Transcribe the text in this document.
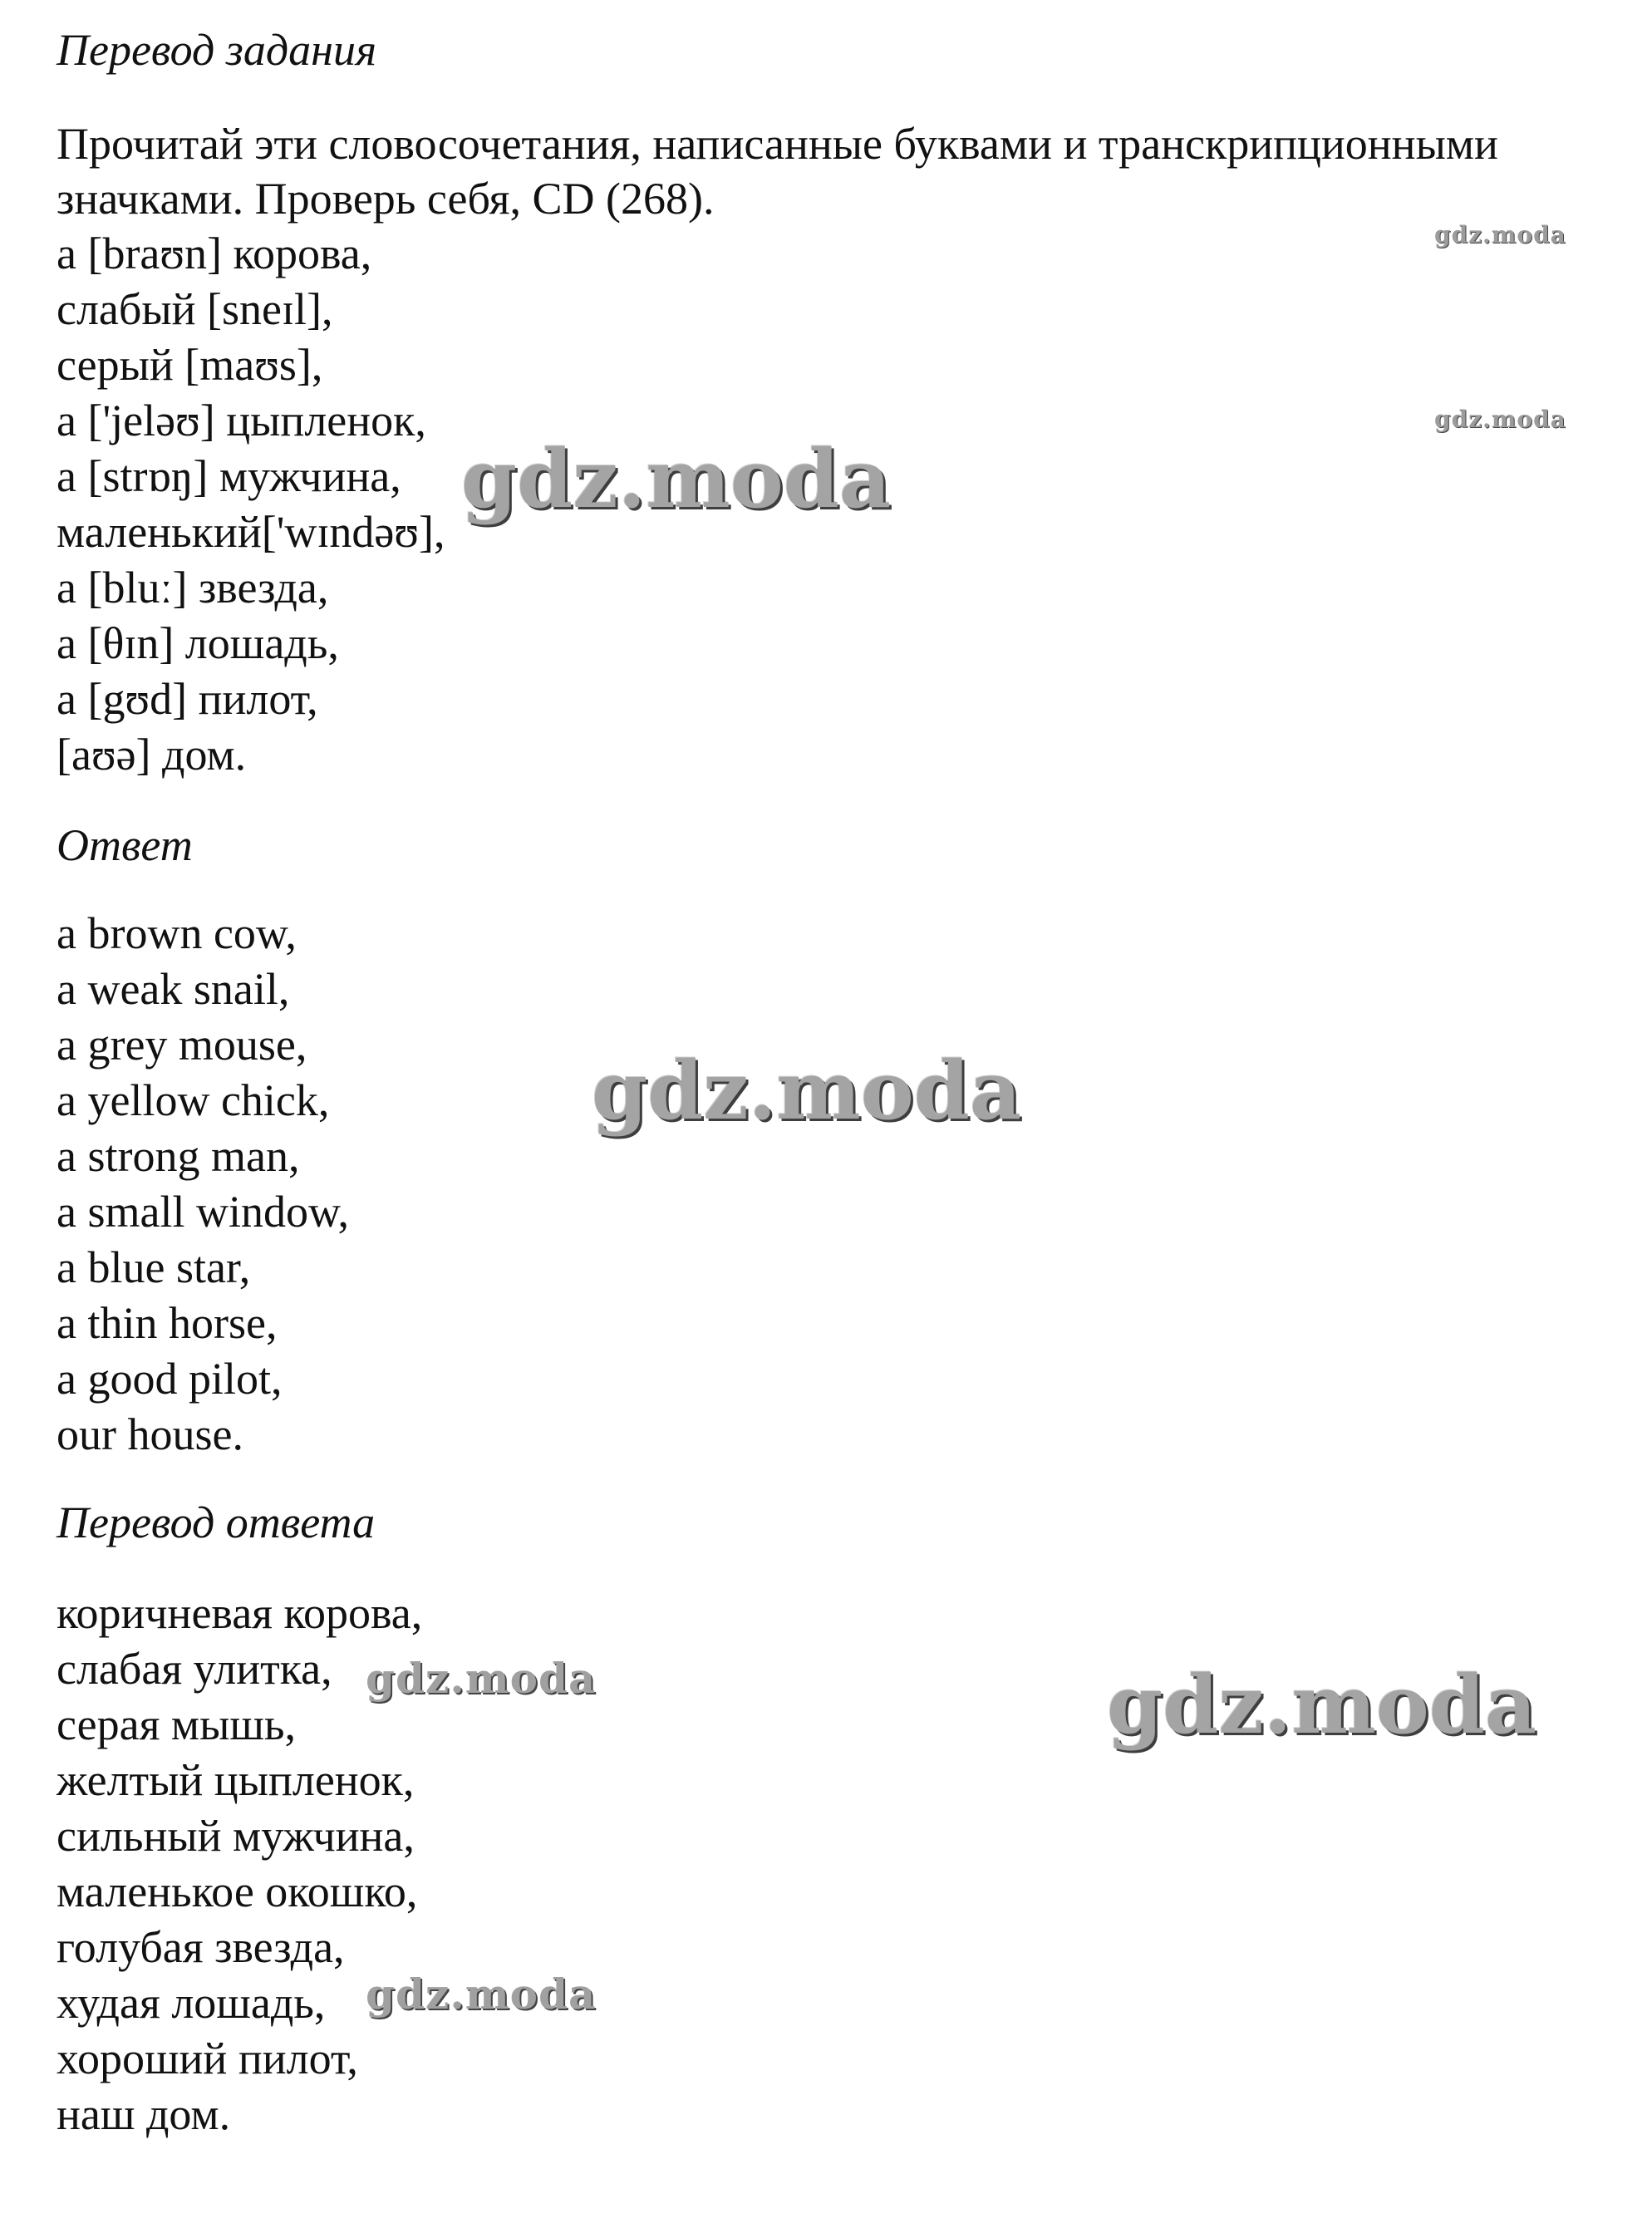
Перевод задания
Прочитай эти словосочетания, написанные буквами и транскрипционными
значками. Проверь себя, CD (268).
a [braʊn] корова,
слабый [sneɪl],
серый [maʊs],
a ['jeləʊ] цыпленок,
a [strɒŋ] мужчина,
маленький['wɪndəʊ],
a [bluː] звезда,
a [θɪn] лошадь,
a [gʊd] пилот,
[aʊə] дом.
Ответ
a brown cow,
a weak snail,
a grey mouse,
a yellow chick,
a strong man,
a small window,
a blue star,
a thin horse,
a good pilot,
our house.
Перевод ответа
коричневая корова,
слабая улитка,
серая мышь,
желтый цыпленок,
сильный мужчина,
маленькое окошко,
голубая звезда,
худая лошадь,
хороший пилот,
наш дом.
gdz.moda
gdz.moda
gdz.moda
gdz.moda
gdz.moda	gdz.moda
gdz.moda
